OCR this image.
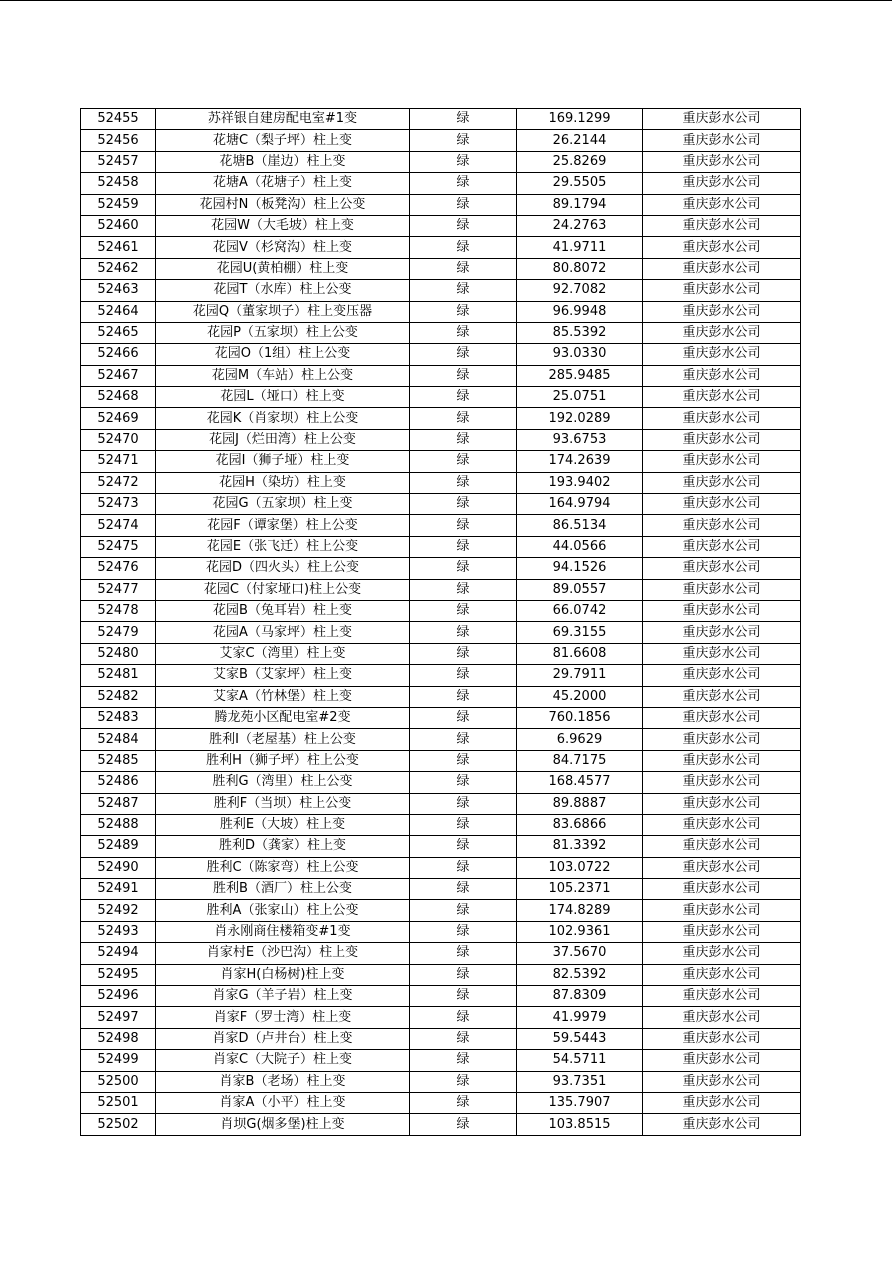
52455	苏祥银自建房配电室#1变	绿	169.1299	重庆彭水公司
52456	花塘C（梨子坪）柱上变	绿	26.2144	重庆彭水公司
52457	花塘B（崖边）柱上变	绿	25.8269	重庆彭水公司
52458	花塘A（花塘子）柱上变	绿	29.5505	重庆彭水公司
52459	花园村N（板凳沟）柱上公变	绿	89.1794	重庆彭水公司
52460	花园W（大毛坡）柱上变	绿	24.2763	重庆彭水公司
52461	花园V（杉窝沟）柱上变	绿	41.9711	重庆彭水公司
52462	花园U(黄柏棚）柱上变	绿	80.8072	重庆彭水公司
52463	花园T（水库）柱上公变	绿	92.7082	重庆彭水公司
52464	花园Q（董家坝子）柱上变压器	绿	96.9948	重庆彭水公司
52465	花园P（五家坝）柱上公变	绿	85.5392	重庆彭水公司
52466	花园O（1组）柱上公变	绿	93.0330	重庆彭水公司
52467	花园M（车站）柱上公变	绿	285.9485	重庆彭水公司
52468	花园L（垭口）柱上变	绿	25.0751	重庆彭水公司
52469	花园K（肖家坝）柱上公变	绿	192.0289	重庆彭水公司
52470	花园J（烂田湾）柱上公变	绿	93.6753	重庆彭水公司
52471	花园I（狮子垭）柱上变	绿	174.2639	重庆彭水公司
52472	花园H（染坊）柱上变	绿	193.9402	重庆彭水公司
52473	花园G（五家坝）柱上变	绿	164.9794	重庆彭水公司
52474	花园F（谭家堡）柱上公变	绿	86.5134	重庆彭水公司
52475	花园E（张飞迁）柱上公变	绿	44.0566	重庆彭水公司
52476	花园D（四火头）柱上公变	绿	94.1526	重庆彭水公司
52477	花园C（付家垭口)柱上公变	绿	89.0557	重庆彭水公司
52478	花园B（兔耳岩）柱上变	绿	66.0742	重庆彭水公司
52479	花园A（马家坪）柱上变	绿	69.3155	重庆彭水公司
52480	艾家C（湾里）柱上变	绿	81.6608	重庆彭水公司
52481	艾家B（艾家坪）柱上变	绿	29.7911	重庆彭水公司
52482	艾家A（竹林堡）柱上变	绿	45.2000	重庆彭水公司
52483	腾龙苑小区配电室#2变	绿	760.1856	重庆彭水公司
52484	胜利I（老屋基）柱上公变	绿	6.9629	重庆彭水公司
52485	胜利H（狮子坪）柱上公变	绿	84.7175	重庆彭水公司
52486	胜利G（湾里）柱上公变	绿	168.4577	重庆彭水公司
52487	胜利F（当坝）柱上公变	绿	89.8887	重庆彭水公司
52488	胜利E（大坡）柱上变	绿	83.6866	重庆彭水公司
52489	胜利D（龚家）柱上变	绿	81.3392	重庆彭水公司
52490	胜利C（陈家弯）柱上公变	绿	103.0722	重庆彭水公司
52491	胜利B（酒厂）柱上公变	绿	105.2371	重庆彭水公司
52492	胜利A（张家山）柱上公变	绿	174.8289	重庆彭水公司
52493	肖永刚商住楼箱变#1变	绿	102.9361	重庆彭水公司
52494	肖家村E（沙巴沟）柱上变	绿	37.5670	重庆彭水公司
52495	肖家H(白杨树)柱上变	绿	82.5392	重庆彭水公司
52496	肖家G（羊子岩）柱上变	绿	87.8309	重庆彭水公司
52497	肖家F（罗士湾）柱上变	绿	41.9979	重庆彭水公司
52498	肖家D（卢井台）柱上变	绿	59.5443	重庆彭水公司
52499	肖家C（大院子）柱上变	绿	54.5711	重庆彭水公司
52500	肖家B（老场）柱上变	绿	93.7351	重庆彭水公司
52501	肖家A（小平）柱上变	绿	135.7907	重庆彭水公司
52502	肖坝G(烟多堡)柱上变	绿	103.8515	重庆彭水公司
